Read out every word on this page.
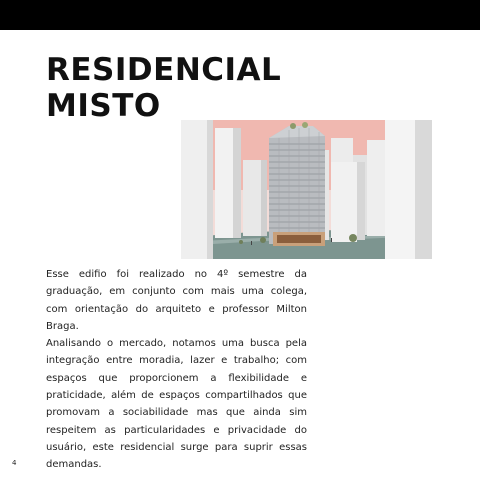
RESIDENCIAL
MISTO

Esse edifio foi realizado no 4º semestre da graduação, em conjunto com mais uma colega, com orientação do arquiteto e professor Milton Braga.

Analisando o mercado, notamos uma busca pela integração entre moradia, lazer e trabalho; com espaços que proporcionem a flexibilidade e praticidade, além de espaços compartilhados que promovam a sociabilidade mas que ainda sim respeitem as particularidades e privacidade do usuário, este residencial surge para suprir essas demandas.

4
